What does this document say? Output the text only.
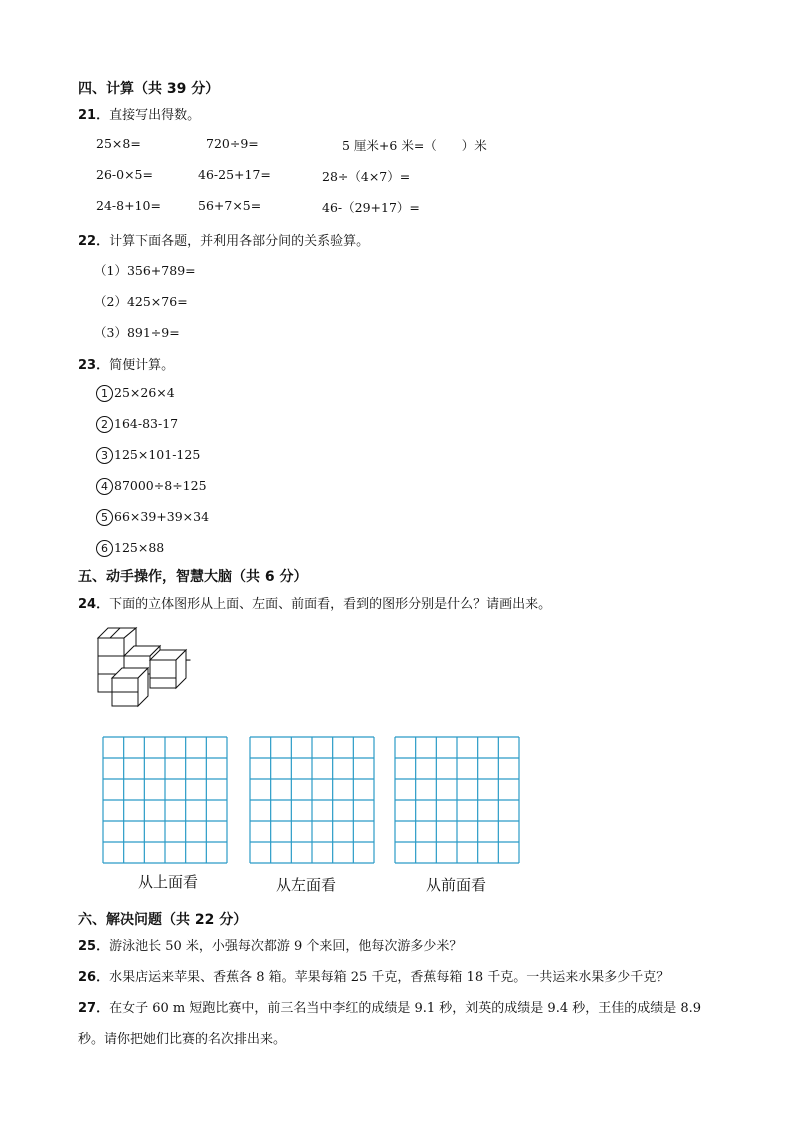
四、计算（共 39 分）
21．直接写出得数。
25×8=	720÷9=	5 厘米+6 米=（　　）米
26-0×5=	46-25+17=	28÷（4×7）=
24-8+10=	56+7×5=	46-（29+17）=
22．计算下面各题，并利用各部分间的关系验算。
（1）356+789=
（2）425×76=
（3）891÷9=
23．简便计算。
1 25×26×4
2 164-83-17
3 125×101-125
4 87000÷8÷125
5 66×39+39×34
6 125×88
五、动手操作，智慧大脑（共 6 分）
24．下面的立体图形从上面、左面、前面看，看到的图形分别是什么？请画出来。
从上面看	从左面看	从前面看
六、解决问题（共 22 分）
25．游泳池长 50 米，小强每次都游 9 个来回，他每次游多少米？
26．水果店运来苹果、香蕉各 8 箱。苹果每箱 25 千克，香蕉每箱 18 千克。一共运来水果多少千克？
27．在女子 60 m 短跑比赛中，前三名当中李红的成绩是 9.1 秒，刘英的成绩是 9.4 秒，王佳的成绩是 8.9
秒。请你把她们比赛的名次排出来。
